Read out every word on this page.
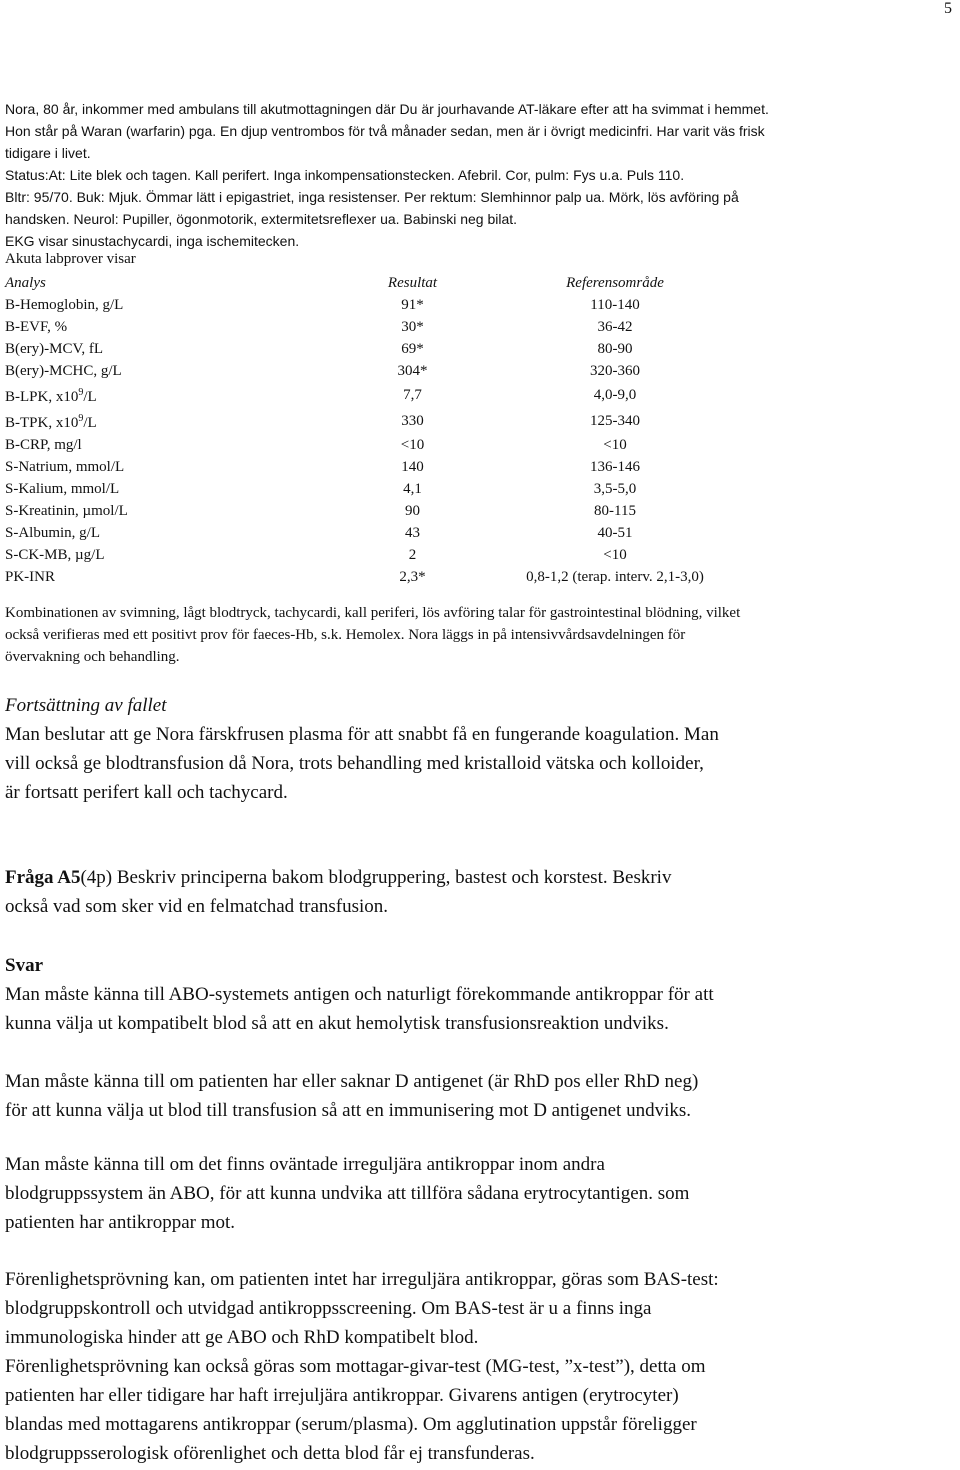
5

Nora, 80 år, inkommer med ambulans till akutmottagningen där Du är jourhavande AT-läkare efter att ha svimmat i hemmet.

Hon står på Waran (warfarin) pga. En djup ventrombos för två månader sedan, men är i övrigt medicinfri. Har varit väs frisk

tidigare i livet.

Status:At: Lite blek och tagen. Kall perifert. Inga inkompensationstecken. Afebril. Cor, pulm: Fys u.a. Puls 110.

Bltr: 95/70. Buk: Mjuk. Ömmar lätt i epigastriet, inga resistenser. Per rektum: Slemhinnor palp ua. Mörk, lös avföring på

handsken. Neurol: Pupiller, ögonmotorik, extermitetsreflexer ua. Babinski neg bilat.

EKG visar sinustachycardi, inga ischemitecken.

Akuta labprover visar
Analys	Resultat	Referensområde
B-Hemoglobin, g/L	91*	110-140
B-EVF, %	30*	36-42
B(ery)-MCV, fL	69*	80-90
B(ery)-MCHC, g/L	304*	320-360
B-LPK, $x10^9/L$	7,7	4,0-9,0
B-TPK, $x10^9/L$	330	125-340
B-CRP, mg/l	<10	<10
S-Natrium, mmol/L	140	136-146
S-Kalium, mmol/L	4,1	3,5-5,0
S-Kreatinin, µmol/L	90	80-115
S-Albumin, g/L	43	40-51
S-CK-MB, µg/L	2	<10
PK-INR	2,3*	0,8-1,2 (terap. interv. 2,1-3,0)

Kombinationen av svimning, lågt blodtryck, tachycardi, kall periferi, lös avföring talar för gastrointestinal blödning, vilket

också verifieras med ett positivt prov för faeces-Hb, s.k. Hemolex. Nora läggs in på intensivvårdsavdelningen för

övervakning och behandling.

Fortsättning av fallet

Man beslutar att ge Nora färskfrusen plasma för att snabbt få en fungerande koagulation. Man

vill också ge blodtransfusion då Nora, trots behandling med kristalloid vätska och kolloider,

är fortsatt perifert kall och tachycard.

Fråga A5(4p) Beskriv principerna bakom blodgruppering, bastest och korstest. Beskriv

också vad som sker vid en felmatchad transfusion.

Svar

Man måste känna till ABO-systemets antigen och naturligt förekommande antikroppar för att

kunna välja ut kompatibelt blod så att en akut hemolytisk transfusionsreaktion undviks.

Man måste känna till om patienten har eller saknar D antigenet (är RhD pos eller RhD neg)

för att kunna välja ut blod till transfusion så att en immunisering mot D antigenet undviks.

Man måste känna till om det finns oväntade irreguljära antikroppar inom andra

blodgruppssystem än ABO, för att kunna undvika att tillföra sådana erytrocytantigen. som

patienten har antikroppar mot.

Förenlighetsprövning kan, om patienten intet har irreguljära antikroppar, göras som BAS-test:

blodgruppskontroll och utvidgad antikroppsscreening. Om BAS-test är u a finns inga

immunologiska hinder att ge ABO och RhD kompatibelt blod.

Förenlighetsprövning kan också göras som mottagar-givar-test (MG-test, ”x-test”), detta om

patienten har eller tidigare har haft irrejuljära antikroppar. Givarens antigen (erytrocyter)

blandas med mottagarens antikroppar (serum/plasma). Om agglutination uppstår föreligger

blodgruppsserologisk oförenlighet och detta blod får ej transfunderas.
